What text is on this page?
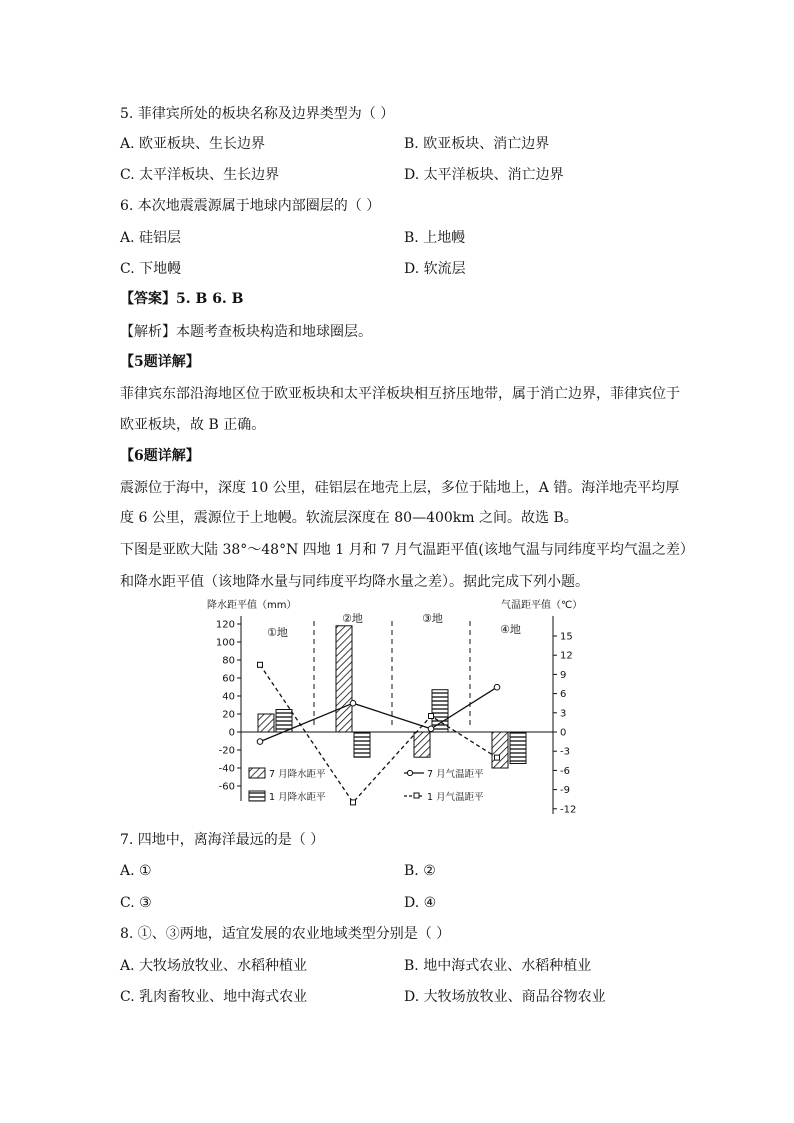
5. 菲律宾所处的板块名称及边界类型为（ ）
A. 欧亚板块、生长边界	B. 欧亚板块、消亡边界
C. 太平洋板块、生长边界	D. 太平洋板块、消亡边界
6. 本次地震震源属于地球内部圈层的（ ）
A. 硅铝层	B. 上地幔
C. 下地幔	D. 软流层
【答案】5. B 6. B
【解析】本题考查板块构造和地球圈层。
【5题详解】
菲律宾东部沿海地区位于欧亚板块和太平洋板块相互挤压地带，属于消亡边界，菲律宾位于
欧亚板块，故 B 正确。
【6题详解】
震源位于海中，深度 10 公里，硅铝层在地壳上层，多位于陆地上，A 错。海洋地壳平均厚
度 6 公里，震源位于上地幔。软流层深度在 80—400km 之间。故选 B。
下图是亚欧大陆 38°～48°N 四地 1 月和 7 月气温距平值(该地气温与同纬度平均气温之差）
和降水距平值（该地降水量与同纬度平均降水量之差）。据此完成下列小题。
降水距平值（mm）	气温距平值（℃）
①地
②地	③地
④地
7 月降水距平
1 月降水距平
7 月气温距平
1 月气温距平
120
100
80
60
40
20
0
-20
-40
-60
15
12
9
6
3
0
-3
-6
-9
-12
7. 四地中，离海洋最远的是（ ）
A. ①	B. ②
C. ③	D. ④
8. ①、③两地，适宜发展的农业地域类型分别是（ ）
A. 大牧场放牧业、水稻种植业	B. 地中海式农业、水稻种植业
C. 乳肉畜牧业、地中海式农业	D. 大牧场放牧业、商品谷物农业
